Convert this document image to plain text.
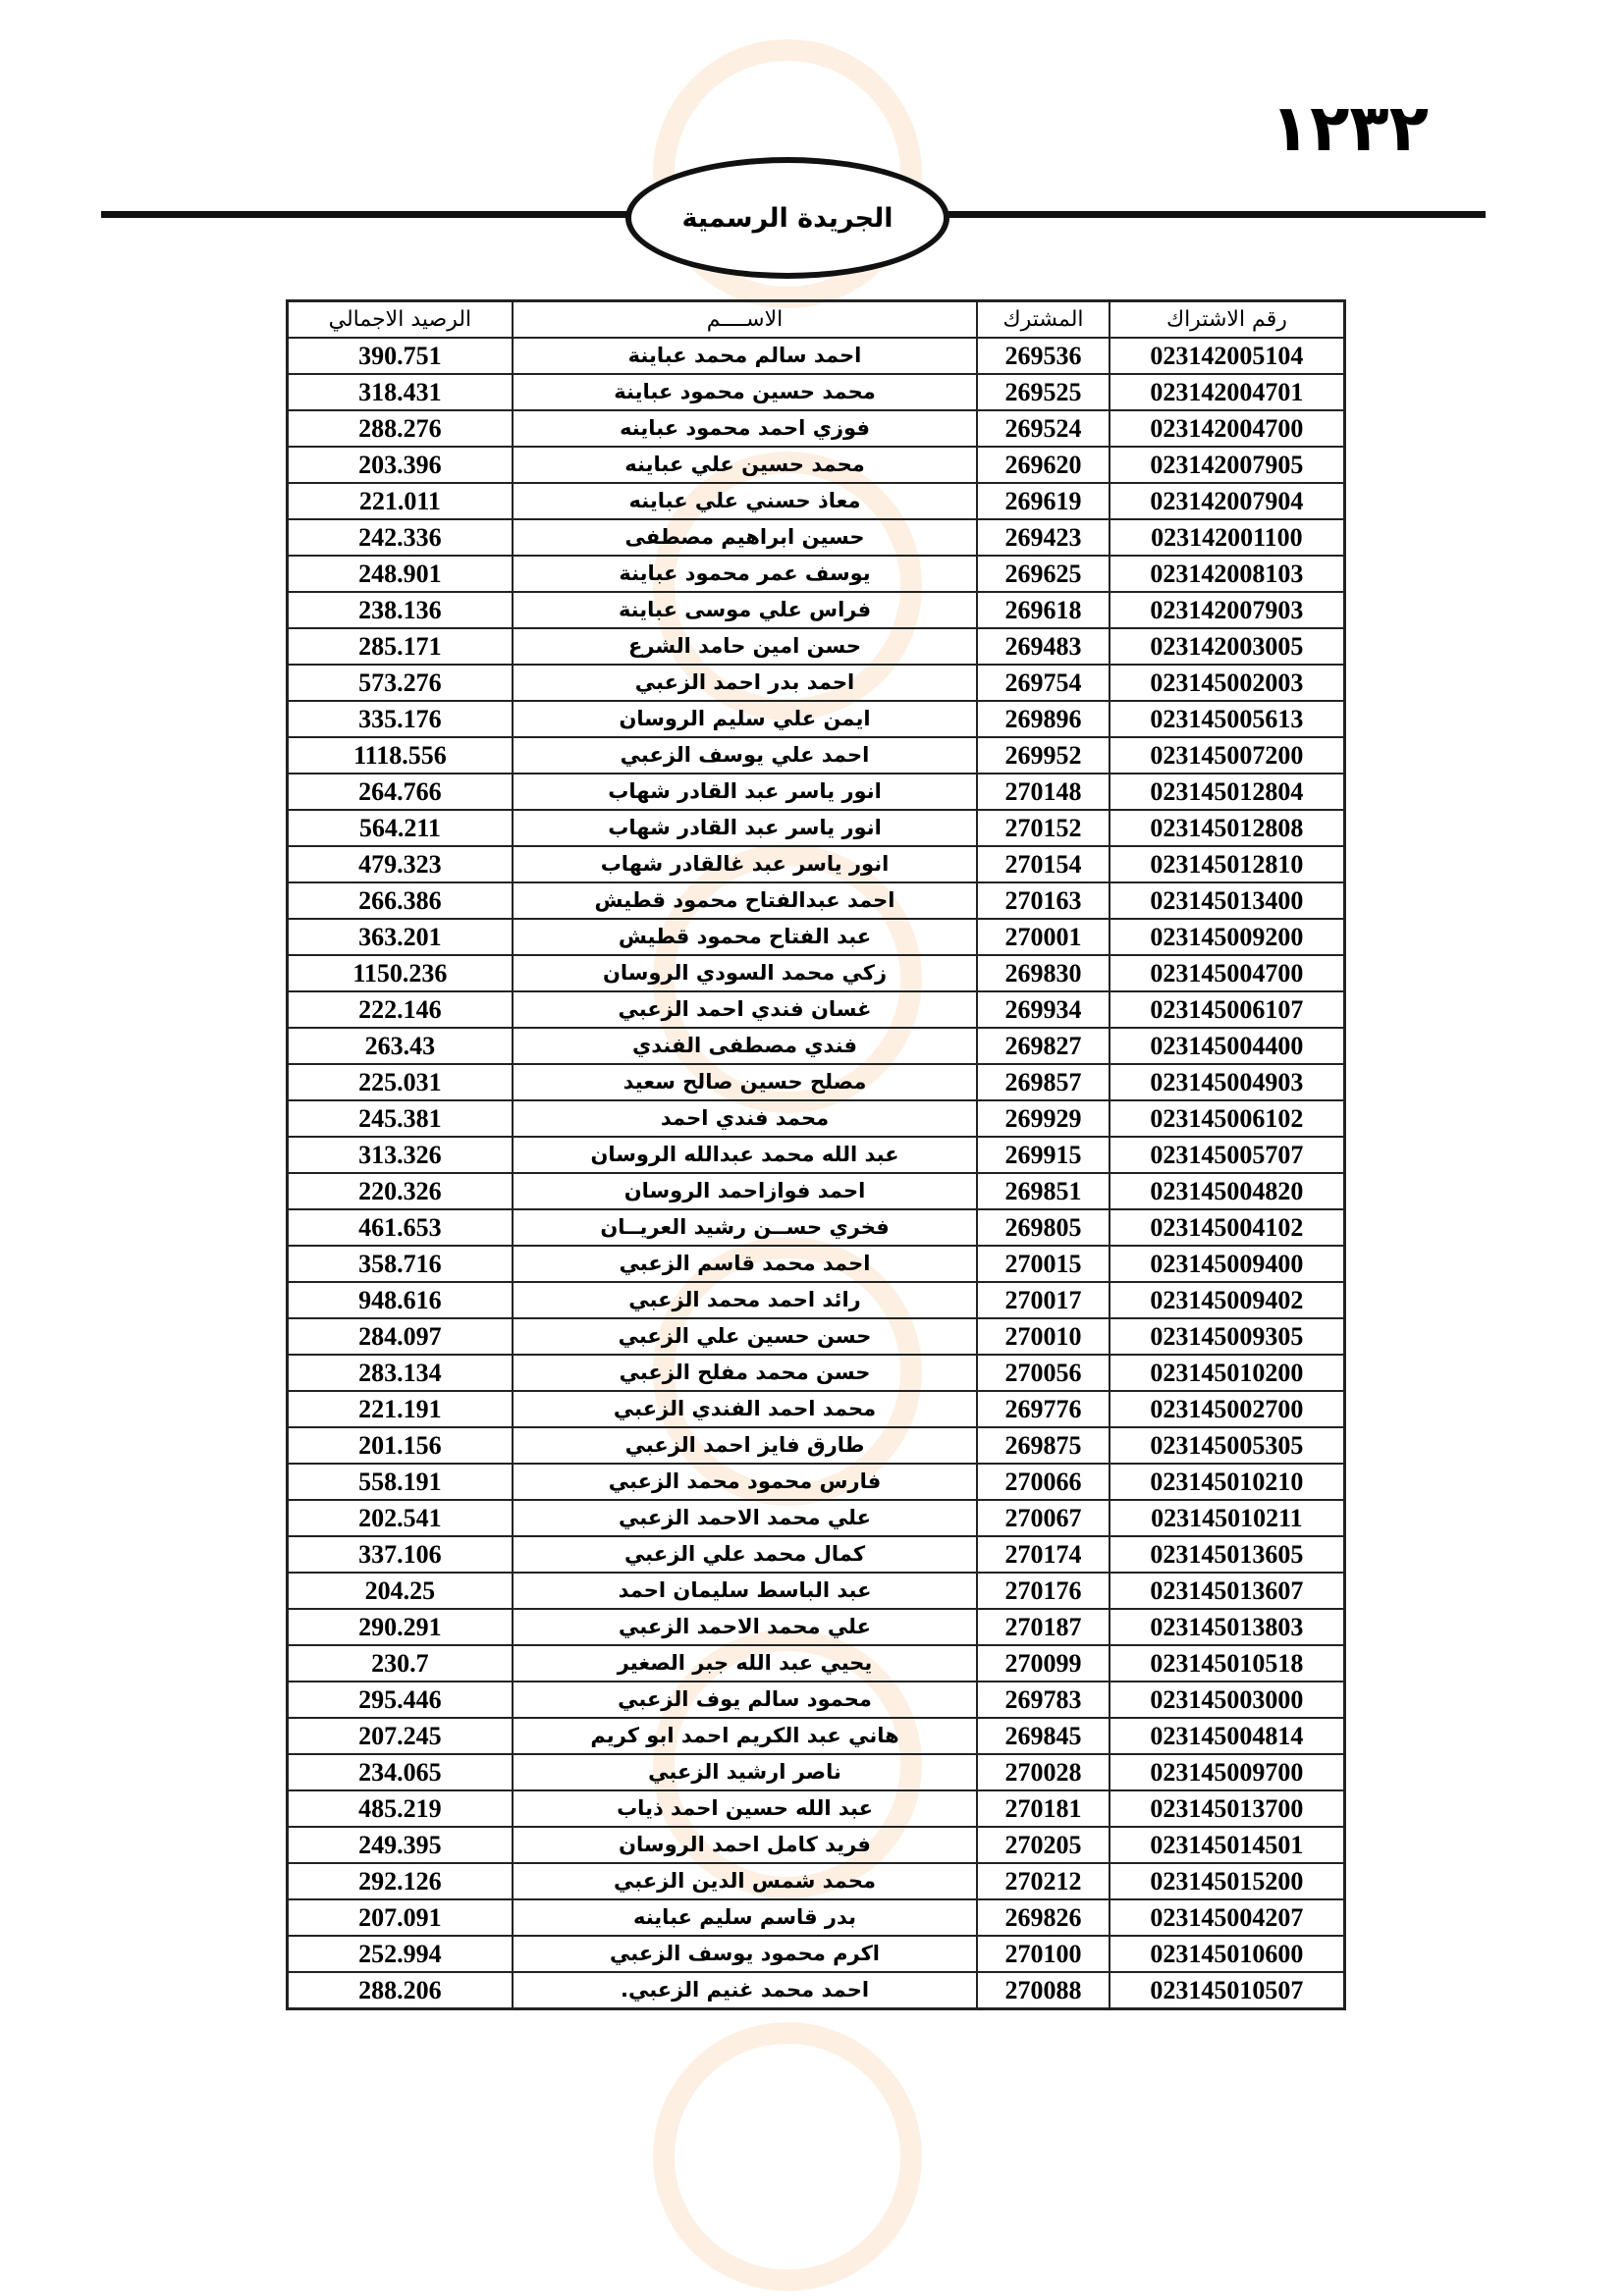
١٢٣٢
الجريدة الرسمية
رقم الاشتراك	المشترك	الاســــم	الرصيد الاجمالي
023142005104	269536	احمد سالم محمد عباينة	390.751
023142004701	269525	محمد حسين محمود عباينة	318.431
023142004700	269524	فوزي احمد محمود عباينه	288.276
023142007905	269620	محمد حسين علي عباينه	203.396
023142007904	269619	معاذ حسني علي عباينه	221.011
023142001100	269423	حسين ابراهيم مصطفى	242.336
023142008103	269625	يوسف عمر محمود عباينة	248.901
023142007903	269618	فراس علي موسى عباينة	238.136
023142003005	269483	حسن امين حامد الشرع	285.171
023145002003	269754	احمد بدر احمد الزعبي	573.276
023145005613	269896	ايمن علي سليم الروسان	335.176
023145007200	269952	احمد علي يوسف الزعبي	1118.556
023145012804	270148	انور ياسر عبد القادر شهاب	264.766
023145012808	270152	انور ياسر عبد القادر شهاب	564.211
023145012810	270154	انور ياسر عبد غالقادر شهاب	479.323
023145013400	270163	احمد عبدالفتاح محمود قطيش	266.386
023145009200	270001	عبد الفتاح محمود قطيش	363.201
023145004700	269830	زكي محمد السودي الروسان	1150.236
023145006107	269934	غسان فندي احمد الزعبي	222.146
023145004400	269827	فندي مصطفى الفندي	263.43
023145004903	269857	مصلح حسين صالح سعيد	225.031
023145006102	269929	محمد فندي احمد	245.381
023145005707	269915	عبد الله محمد عبدالله الروسان	313.326
023145004820	269851	احمد فوازاحمد الروسان	220.326
023145004102	269805	فخري حســن رشيد العريــان	461.653
023145009400	270015	احمد محمد قاسم الزعبي	358.716
023145009402	270017	رائد احمد محمد الزعبي	948.616
023145009305	270010	حسن حسين علي الزعبي	284.097
023145010200	270056	حسن محمد مفلح الزعبي	283.134
023145002700	269776	محمد احمد الفندي الزعبي	221.191
023145005305	269875	طارق فايز احمد الزعبي	201.156
023145010210	270066	فارس محمود محمد الزعبي	558.191
023145010211	270067	علي محمد الاحمد الزعبي	202.541
023145013605	270174	كمال محمد علي الزعبي	337.106
023145013607	270176	عبد الباسط سليمان احمد	204.25
023145013803	270187	علي محمد الاحمد الزعبي	290.291
023145010518	270099	يحيي عبد الله جبر الصغير	230.7
023145003000	269783	محمود سالم يوف الزعبي	295.446
023145004814	269845	هاني عبد الكريم احمد ابو كريم	207.245
023145009700	270028	ناصر ارشيد الزعبي	234.065
023145013700	270181	عبد الله حسين احمد ذياب	485.219
023145014501	270205	فريد كامل احمد الروسان	249.395
023145015200	270212	محمد شمس الدين الزعبي	292.126
023145004207	269826	بدر قاسم سليم عباينه	207.091
023145010600	270100	اكرم محمود يوسف الزعبي	252.994
023145010507	270088	احمد محمد غنيم الزعبي.	288.206
